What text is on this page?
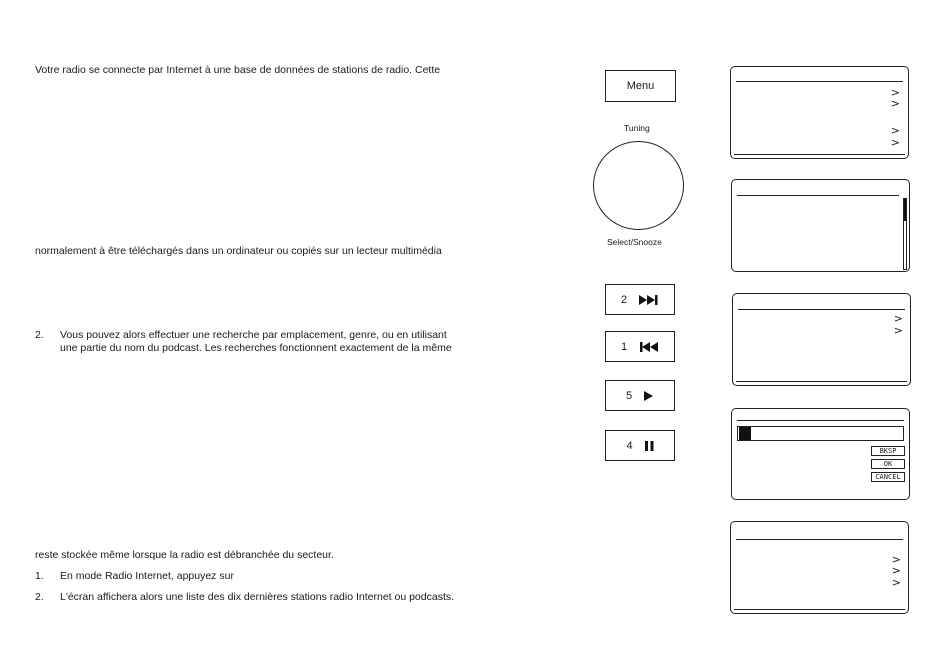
Votre radio se connecte par Internet à une base de données de stations de radio. Cette
normalement à être téléchargés dans un ordinateur ou copiés sur un lecteur multimédia
2. Vous pouvez alors effectuer une recherche par emplacement, genre, ou en utilisant
une partie du nom du podcast. Les recherches fonctionnent exactement de la même
reste stockée même lorsque la radio est débranchée du secteur.
1. En mode Radio Internet, appuyez sur
2. L'écran affichera alors une liste des dix dernières stations radio Internet ou podcasts.
Menu
Tuning
Select/Snooze
2
1
5
4
>
>
>
>
>
>
BKSP
OK
CANCEL
>
>
>
